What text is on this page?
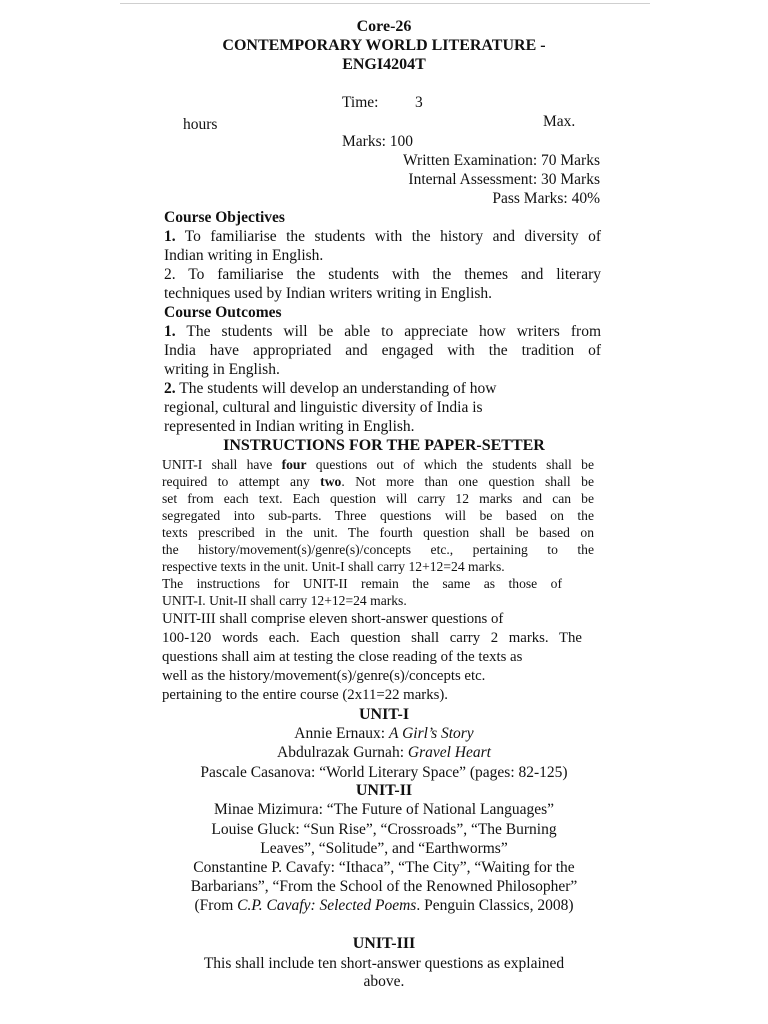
Core-26
CONTEMPORARY WORLD LITERATURE -
ENGI4204T
Time: 3
hours	Max.
Marks: 100
Written Examination: 70 Marks
Internal Assessment: 30 Marks
Pass Marks: 40%
Course Objectives
1. To familiarise the students with the history and diversity of
Indian writing in English.
2. To familiarise the students with the themes and literary
techniques used by Indian writers writing in English.
Course Outcomes
1. The students will be able to appreciate how writers from
India have appropriated and engaged with the tradition of
writing in English.
2. The students will develop an understanding of how
regional, cultural and linguistic diversity of India is
represented in Indian writing in English.
INSTRUCTIONS FOR THE PAPER-SETTER
UNIT-I shall have four questions out of which the students shall be
required to attempt any two. Not more than one question shall be
set from each text. Each question will carry 12 marks and can be
segregated into sub-parts. Three questions will be based on the
texts prescribed in the unit. The fourth question shall be based on
the history/movement(s)/genre(s)/concepts etc., pertaining to the
respective texts in the unit. Unit-I shall carry 12+12=24 marks.
The instructions for UNIT-II remain the same as those of
UNIT-I. Unit-II shall carry 12+12=24 marks.
UNIT-III shall comprise eleven short-answer questions of
100-120 words each. Each question shall carry 2 marks. The
questions shall aim at testing the close reading of the texts as
well as the history/movement(s)/genre(s)/concepts etc.
pertaining to the entire course (2x11=22 marks).
UNIT-I
Annie Ernaux: A Girl’s Story
Abdulrazak Gurnah: Gravel Heart
Pascale Casanova: “World Literary Space” (pages: 82-125)
UNIT-II
Minae Mizimura: “The Future of National Languages”
Louise Gluck: “Sun Rise”, “Crossroads”, “The Burning
Leaves”, “Solitude”, and “Earthworms”
Constantine P. Cavafy: “Ithaca”, “The City”, “Waiting for the
Barbarians”, “From the School of the Renowned Philosopher”
(From C.P. Cavafy: Selected Poems. Penguin Classics, 2008)
UNIT-III
This shall include ten short-answer questions as explained
above.
